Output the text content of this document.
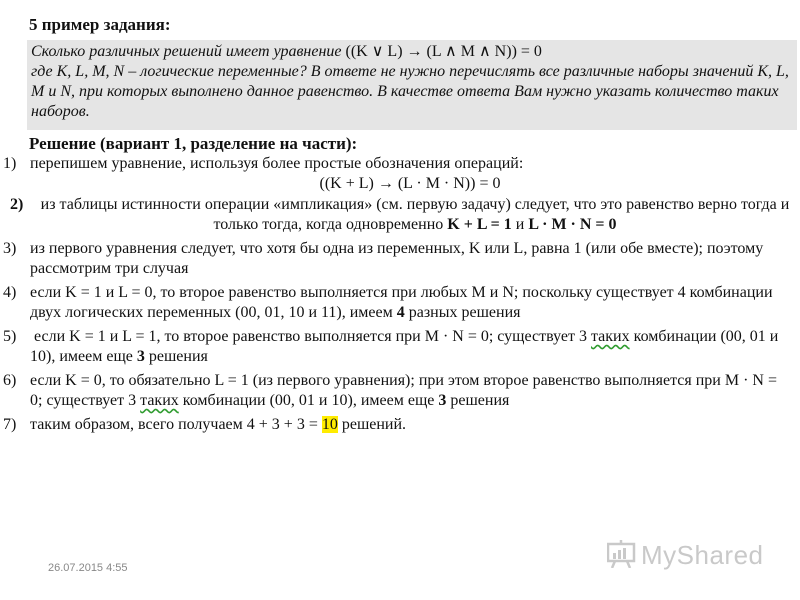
5 пример задания:
Сколько различных решений имеет уравнение ((K ∨ L) → (L ∧ M ∧ N)) = 0
где K, L, M, N – логические переменные? В ответе не нужно перечислять все различные наборы значений K, L, M и N, при которых выполнено данное равенство. В качестве ответа Вам нужно указать количество таких наборов.
Решение (вариант 1, разделение на части):
1) перепишем уравнение, используя более простые обозначения операций:
((K + L) → (L · M · N)) = 0
2)	из таблицы истинности операции «импликация» (см. первую задачу) следует, что это равенство верно тогда и только тогда, когда одновременно K + L = 1 и L · M · N = 0
3) из первого уравнения следует, что хотя бы одна из переменных, K или L, равна 1 (или обе вместе); поэтому рассмотрим три случая
4) если K = 1 и L = 0, то второе равенство выполняется при любых M и N; поскольку существует 4 комбинации двух логических переменных (00, 01, 10 и 11), имеем 4 разных решения
5) если K = 1 и L = 1, то второе равенство выполняется при M · N = 0; существует 3 таких комбинации (00, 01 и 10), имеем еще 3 решения
6) если K = 0, то обязательно L = 1 (из первого уравнения); при этом второе равенство выполняется при M · N = 0; существует 3 таких комбинации (00, 01 и 10), имеем еще 3 решения
7) таким образом, всего получаем 4 + 3 + 3 = 10 решений.
26.07.2015 4:55	MyShared
